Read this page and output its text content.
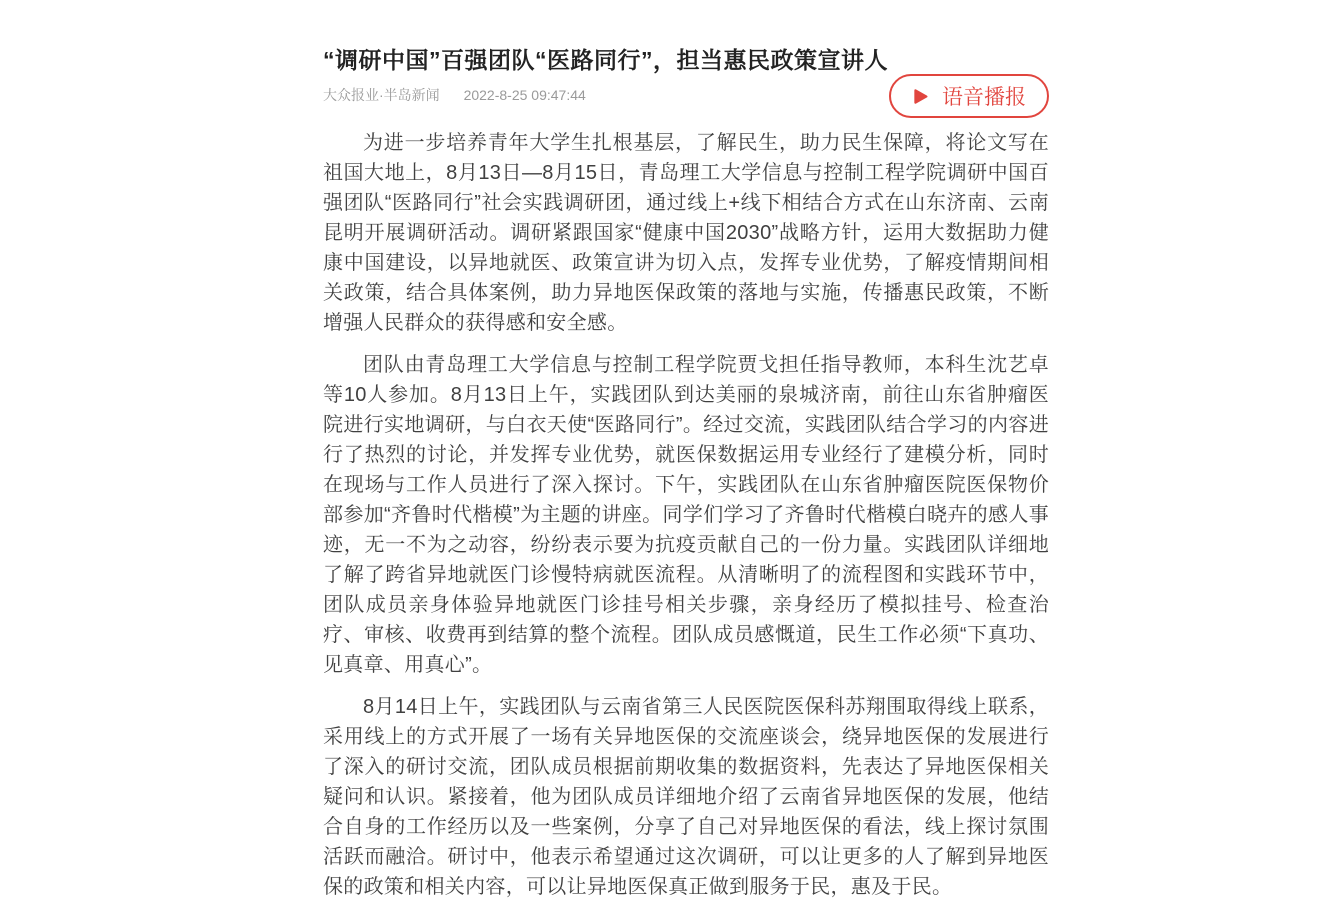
“调研中国”百强团队“医路同行”，担当惠民政策宣讲人
大众报业·半岛新闻 2022-8-25 09:47:44	语音播报

为进一步培养青年大学生扎根基层，了解民生，助力民生保障，将论文写在祖国大地上，8月13日—8月15日，青岛理工大学信息与控制工程学院调研中国百强团队“医路同行”社会实践调研团，通过线上+线下相结合方式在山东济南、云南昆明开展调研活动。调研紧跟国家“健康中国2030”战略方针，运用大数据助力健康中国建设，以异地就医、政策宣讲为切入点，发挥专业优势，了解疫情期间相关政策，结合具体案例，助力异地医保政策的落地与实施，传播惠民政策，不断增强人民群众的获得感和安全感。

团队由青岛理工大学信息与控制工程学院贾戈担任指导教师，本科生沈艺卓等10人参加。8月13日上午，实践团队到达美丽的泉城济南，前往山东省肿瘤医院进行实地调研，与白衣天使“医路同行”。经过交流，实践团队结合学习的内容进行了热烈的讨论，并发挥专业优势，就医保数据运用专业经行了建模分析，同时在现场与工作人员进行了深入探讨。下午，实践团队在山东省肿瘤医院医保物价部参加“齐鲁时代楷模”为主题的讲座。同学们学习了齐鲁时代楷模白晓卉的感人事迹，无一不为之动容，纷纷表示要为抗疫贡献自己的一份力量。实践团队详细地了解了跨省异地就医门诊慢特病就医流程。从清晰明了的流程图和实践环节中，团队成员亲身体验异地就医门诊挂号相关步骤，亲身经历了模拟挂号、检查治疗、审核、收费再到结算的整个流程。团队成员感慨道，民生工作必须“下真功、见真章、用真心”。

8月14日上午，实践团队与云南省第三人民医院医保科苏翔围取得线上联系，采用线上的方式开展了一场有关异地医保的交流座谈会，绕异地医保的发展进行了深入的研讨交流，团队成员根据前期收集的数据资料，先表达了异地医保相关疑问和认识。紧接着，他为团队成员详细地介绍了云南省异地医保的发展，他结合自身的工作经历以及一些案例，分享了自己对异地医保的看法，线上探讨氛围活跃而融洽。研讨中，他表示希望通过这次调研，可以让更多的人了解到异地医保的政策和相关内容，可以让异地医保真正做到服务于民，惠及于民。
